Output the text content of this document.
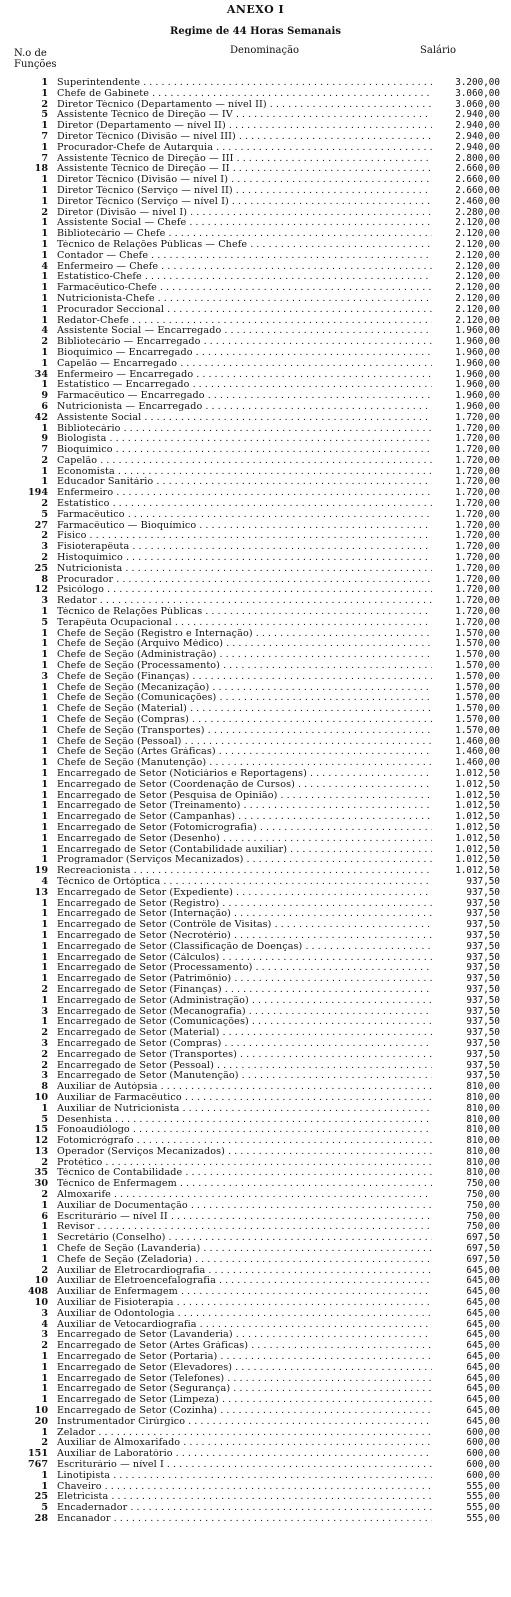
ANEXO I
Regime de 44 Horas Semanais
N.o de Funções
Denominação	Salário
1 Superintendente . . .	3.200,00
1 Chefe de Gabinete . . .	3.060,00
2 Diretor Técnico (Departamento — nível II) . . .	3.060,00
5 Assistente Técnico de Direção — IV . . .	2.940,00
1 Diretor (Departamento — nível II) . . .	2.940,00
7 Diretor Técnico (Divisão — nível III) . . .	2.940,00
1 Procurador-Chefe de Autarquia . . .	2.940,00
7 Assistente Técnico de Direção — III . . .	2.800,00
18 Assistente Técnico de Direção — II . . .	2.660,00
1 Diretor Técnico (Divisão — nível I) . . .	2.660,00
1 Diretor Técnico (Serviço — nível II) . . .	2.660,00
1 Diretor Técnico (Serviço — nível I) . . .	2.460,00
2 Diretor (Divisão — nível I) . . .	2.280,00
1 Assistente Social — Chefe . . .	2.120,00
1 Bibliotecário — Chefe . . .	2.120,00
1 Técnico de Relações Públicas — Chefe . . .	2.120,00
1 Contador — Chefe . . .	2.120,00
4 Enfermeiro — Chefe . . .	2.120,00
1 Estatístico-Chefe . . .	2.120,00
1 Farmacêutico-Chefe . . .	2.120,00
1 Nutricionista-Chefe . . .	2.120,00
1 Procurador Seccional . . .	2.120,00
1 Redator-Chefe . . .	2.120,00
4 Assistente Social — Encarregado . . .	1.960,00
2 Bibliotecário — Encarregado . . .	1.960,00
1 Bioquímico — Encarregado . . .	1.960,00
1 Capelão — Encarregado . . .	1.960,00
34 Enfermeiro — Encarregado . . .	1.960,00
1 Estatístico — Encarregado . . .	1.960,00
9 Farmacêutico — Encarregado . . .	1.960,00
6 Nutricionista — Encarregado . . .	1.960,00
42 Assistente Social . . .	1.720,00
1 Bibliotecário . . .	1.720,00
9 Biologista . . .	1.720,00
7 Bioquímico . . .	1.720,00
2 Capelão . . .	1.720,00
1 Economista . . .	1.720,00
1 Educador Sanitário . . .	1.720,00
194 Enfermeiro . . .	1.720,00
2 Estatístico . . .	1.720,00
5 Farmacêutico . . .	1.720,00
27 Farmacêutico — Bioquímico . . .	1.720,00
2 Físico . . .	1.720,00
3 Fisioterapêuta . . .	1.720,00
2 Histoquímico . . .	1.720,00
25 Nutricionista . . .	1.720,00
8 Procurador . . .	1.720,00
12 Psicólogo . . .	1.720,00
3 Redator . . .	1.720,00
1 Técnico de Relações Públicas . . .	1.720,00
5 Terapêuta Ocupacional . . .	1.720,00
1 Chefe de Seção (Registro e Internação) . . .	1.570,00
1 Chefe de Seção (Arquivo Médico) . . .	1.570,00
1 Chefe de Seção (Administração) . . .	1.570,00
1 Chefe de Seção (Processamento) . . .	1.570,00
3 Chefe de Seção (Finanças) . . .	1.570,00
1 Chefe de Seção (Mecanização) . . .	1.570,00
1 Chefe de Seção (Comunicações) . . .	1.570,00
1 Chefe de Seção (Material) . . .	1.570,00
1 Chefe de Seção (Compras) . . .	1.570,00
1 Chefe de Seção (Transportes) . . .	1.570,00
1 Chefe de Seção (Pessoal) . . .	1.460,00
1 Chefe de Seção (Artes Gráficas) . . .	1.460,00
1 Chefe de Seção (Manutenção) . . .	1.460,00
1 Encarregado de Setor (Noticiários e Reportagens) . . .	1.012,50
1 Encarregado de Setor (Coordenação de Cursos) . . .	1.012,50
1 Encarregado de Setor (Pesquisa de Opinião) . . .	1.012,50
1 Encarregado de Setor (Treinamento) . . .	1.012,50
1 Encarregado de Setor (Campanhas) . . .	1.012,50
1 Encarregado de Setor (Fotomicrografia) . . .	1.012,50
1 Encarregado de Setor (Desenho) . . .	1.012,50
1 Encarregado de Setor (Contabilidade auxiliar) . . .	1.012,50
1 Programador (Serviços Mecanizados) . . .	1.012,50
19 Recreacionista . . .	1.012,50
4 Técnico de Ortóptica . . .	937,50
13 Encarregado de Setor (Expediente) . . .	937,50
1 Encarregado de Setor (Registro) . . .	937,50
1 Encarregado de Setor (Internação) . . .	937,50
1 Encarregado de Setor (Contrôle de Visitas) . . .	937,50
1 Encarregado de Setor (Necrotério) . . .	937,50
1 Encarregado de Setor (Classificação de Doenças) . . .	937,50
1 Encarregado de Setor (Cálculos) . . .	937,50
1 Encarregado de Setor (Processamento) . . .	937,50
1 Encarregado de Setor (Patrimônio) . . .	937,50
2 Encarregado de Setor (Finanças) . . .	937,50
1 Encarregado de Setor (Administração) . . .	937,50
3 Encarregado de Setor (Mecanografia) . . .	937,50
1 Encarregado de Setor (Comunicações) . . .	937,50
2 Encarregado de Setor (Material) . . .	937,50
3 Encarregado de Setor (Compras) . . .	937,50
2 Encarregado de Setor (Transportes) . . .	937,50
2 Encarregado de Setor (Pessoal) . . .	937,50
3 Encarregado de Setor (Manutenção) . . .	937,50
8 Auxiliar de Autópsia . . .	810,00
10 Auxiliar de Farmacêutico . . .	810,00
1 Auxiliar de Nutricionista . . .	810,00
5 Desenhista . . .	810,00
15 Fonoaudiólogo . . .	810,00
12 Fotomicrógrafo . . .	810,00
13 Operador (Serviços Mecanizados) . . .	810,00
2 Protético . . .	810,00
35 Técnico de Contabilidade . . .	810,00
30 Técnico de Enfermagem . . .	750,00
2 Almoxarife . . .	750,00
1 Auxiliar de Documentação . . .	750,00
6 Escriturário — nível II . . .	750,00
1 Revisor . . .	750,00
1 Secretário (Conselho) . . .	697,50
1 Chefe de Seção (Lavanderia) . . .	697,50
1 Chefe de Seção (Zeladoria) . . .	697,50
2 Auxiliar de Eletrocardiografia . . .	645,00
10 Auxiliar de Eletroencefalografia . . .	645,00
408 Auxiliar de Enfermagem . . .	645,00
10 Auxiliar de Fisioterapia . . .	645,00
3 Auxiliar de Odontologia . . .	645,00
4 Auxiliar de Vetocardiografia . . .	645,00
3 Encarregado de Setor (Lavanderia) . . .	645,00
2 Encarregado de Setor (Artes Gráficas) . . .	645,00
1 Encarregado de Setor (Portaria) . . .	645,00
1 Encarregado de Setor (Elevadores) . . .	645,00
1 Encarregado de Setor (Telefones) . . .	645,00
1 Encarregado de Setor (Segurança) . . .	645,00
1 Encarregado de Setor (Limpeza) . . .	645,00
10 Encarregado de Setor (Cozinha) . . .	645,00
20 Instrumentador Cirúrgico . . .	645,00
1 Zelador . . .	600,00
2 Auxiliar de Almoxarifado . . .	600,00
151 Auxiliar de Laboratório . . .	600,00
767 Escriturário — nível I . . .	600,00
1 Linotipista . . .	600,00
1 Chaveiro . . .	555,00
25 Eletricista . . .	555,00
5 Encadernador . . .	555,00
28 Encanador . . .	555,00
